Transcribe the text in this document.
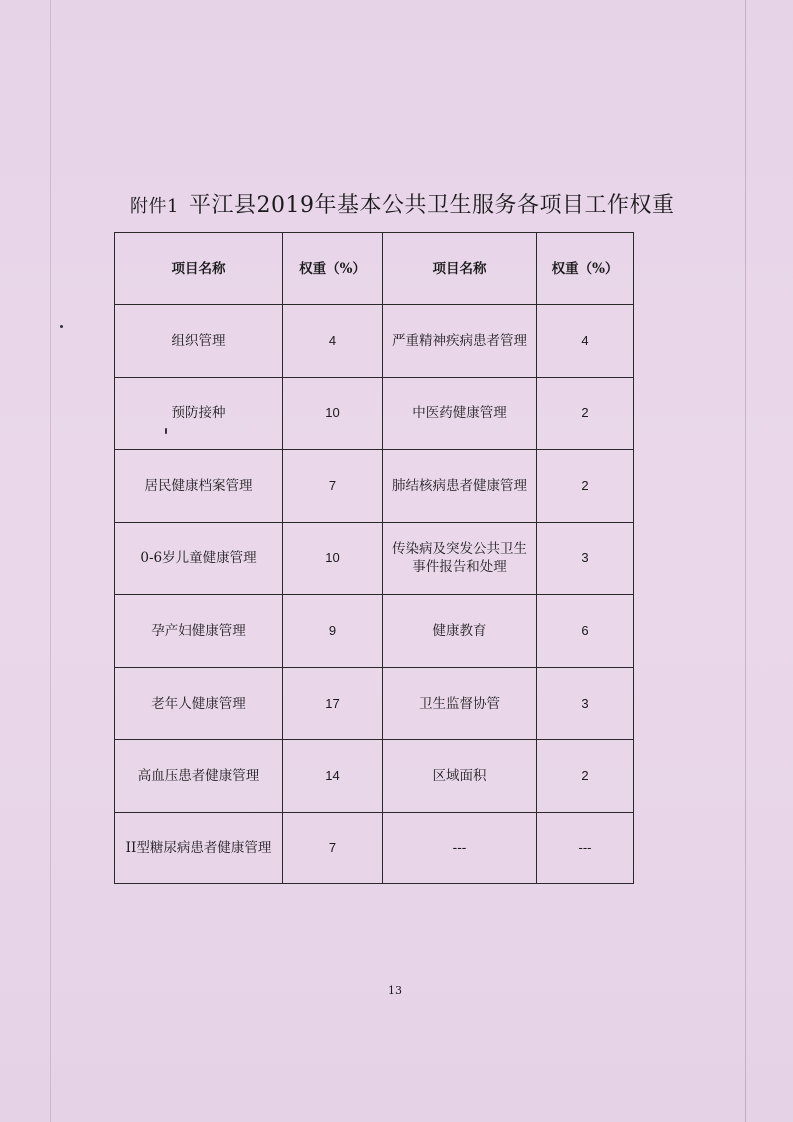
附件1 平江县2019年基本公共卫生服务各项目工作权重
项目名称	权重（%）	项目名称	权重（%）
组织管理	4	严重精神疾病患者管理	4
预防接种	10	中医药健康管理	2
居民健康档案管理	7	肺结核病患者健康管理	2
0-6岁儿童健康管理	10	传染病及突发公共卫生事件报告和处理	3
孕产妇健康管理	9	健康教育	6
老年人健康管理	17	卫生监督协管	3
高血压患者健康管理	14	区域面积	2
II型糖尿病患者健康管理	7	---	---
13
